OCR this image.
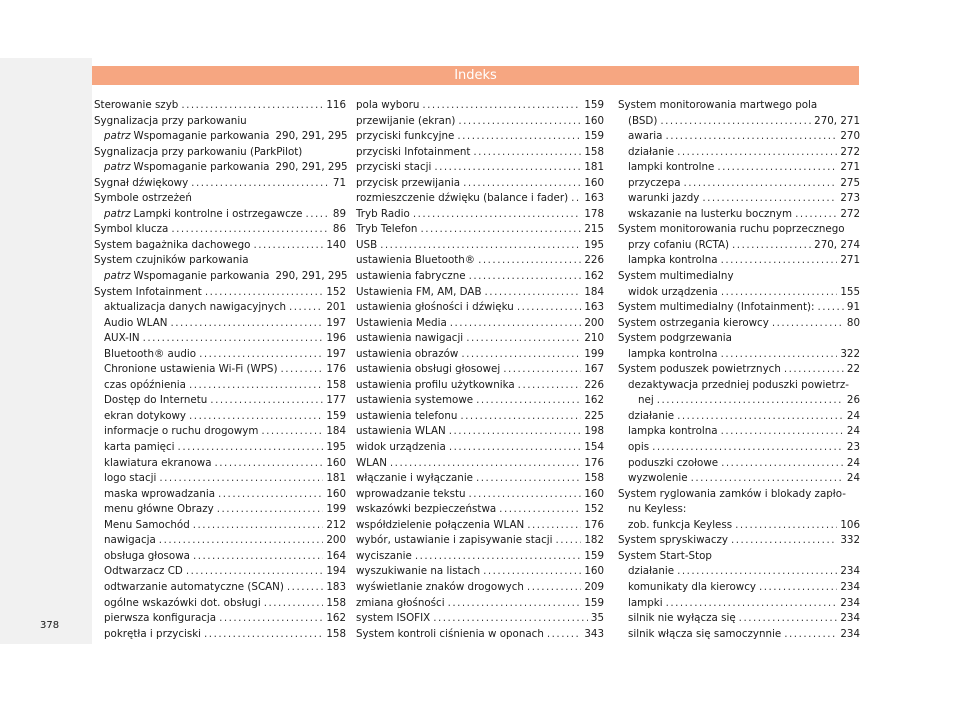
Indeks
Sterowanie szyb .....	116
Sygnalizacja przy parkowaniu
patrz Wspomaganie parkowania 290, 291, 295
Sygnalizacja przy parkowaniu (ParkPilot)
patrz Wspomaganie parkowania 290, 291, 295
Sygnał dźwiękowy .....	71
Symbole ostrzeżeń
patrz Lampki kontrolne i ostrzegawcze .....	89
Symbol klucza .....	86
System bagażnika dachowego .....	140
System czujników parkowania
patrz Wspomaganie parkowania 290, 291, 295
System Infotainment .....	152
aktualizacja danych nawigacyjnych .....	201
Audio WLAN .....	197
AUX-IN .....	196
Bluetooth® audio .....	197
Chronione ustawienia Wi-Fi (WPS) .....	176
czas opóźnienia .....	158
Dostęp do Internetu .....	177
ekran dotykowy .....	159
informacje o ruchu drogowym .....	184
karta pamięci .....	195
klawiatura ekranowa .....	160
logo stacji .....	181
maska wprowadzania .....	160
menu główne Obrazy .....	199
Menu Samochód .....	212
nawigacja .....	200
obsługa głosowa .....	164
Odtwarzacz CD .....	194
odtwarzanie automatyczne (SCAN) .....	183
ogólne wskazówki dot. obsługi .....	158
pierwsza konfiguracja .....	162
pokrętła i przyciski .....	158
pola wyboru .....	159
przewijanie (ekran) .....	160
przyciski funkcyjne .....	159
przyciski Infotainment .....	158
przyciski stacji .....	181
przycisk przewijania .....	160
rozmieszczenie dźwięku (balance i fader) ..... 163
Tryb Radio .....	178
Tryb Telefon .....	215
USB .....	195
ustawienia Bluetooth® .....	226
ustawienia fabryczne .....	162
Ustawienia FM, AM, DAB .....	184
ustawienia głośności i dźwięku .....	163
Ustawienia Media .....	200
ustawienia nawigacji .....	210
ustawienia obrazów .....	199
ustawienia obsługi głosowej .....	167
ustawienia profilu użytkownika .....	226
ustawienia systemowe .....	162
ustawienia telefonu .....	225
ustawienia WLAN .....	198
widok urządzenia .....	154
WLAN .....	176
włączanie i wyłączanie .....	158
wprowadzanie tekstu .....	160
wskazówki bezpieczeństwa .....	152
współdzielenie połączenia WLAN .....	176
wybór, ustawianie i zapisywanie stacji .....	182
wyciszanie .....	159
wyszukiwanie na listach .....	160
wyświetlanie znaków drogowych .....	209
zmiana głośności .....	159
system ISOFIX .....	35
System kontroli ciśnienia w oponach .....	343
System monitorowania martwego pola
(BSD) .....	270, 271
awaria .....	270
działanie .....	272
lampki kontrolne .....	271
przyczepa .....	275
warunki jazdy .....	273
wskazanie na lusterku bocznym .....	272
System monitorowania ruchu poprzecznego
przy cofaniu (RCTA) .....	270, 274
lampka kontrolna .....	271
System multimedialny
widok urządzenia .....	155
System multimedialny (Infotainment): .....	91
System ostrzegania kierowcy .....	80
System podgrzewania
lampka kontrolna .....	322
System poduszek powietrznych .....	22
dezaktywacja przedniej poduszki powietrz-
nej .....	26
działanie .....	24
lampka kontrolna .....	24
opis .....	23
poduszki czołowe .....	24
wyzwolenie .....	24
System ryglowania zamków i blokady zapło-
nu Keyless:
zob. funkcja Keyless .....	106
System spryskiwaczy .....	332
System Start-Stop
działanie .....	234
komunikaty dla kierowcy .....	234
lampki .....	234
silnik nie wyłącza się .....	234
silnik włącza się samoczynnie .....	234
378
